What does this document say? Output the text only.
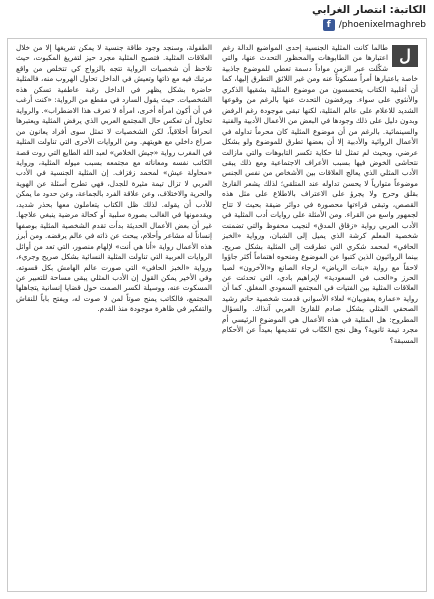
الكاتبة: انتصار الغرابي
f /phoenixelmaghreb
ل

طالما كانت المثلية الجنسية إحدى المواضيع الدالة رغم اعتبارها من الطابوهات والمحظور التحدث عنها، والتي شكّلت عبر الزمن مواداً دسمة تعطي للموضوع جاذبية خاصة باعتبارها أمراً مسكوتاً عنه ومن غير اللائق التطرق إليها، كما أن أغلبية الكتاب يتحسسون من موضوع المثلية بشقيها الذكري والأنثوي على سواء. ويرفضون التحدث عنها بالرغم من وقوعها الشديد للاعلام على عالم المثلية، لكنها تبقى موجودة رغم الرفض وبدون دليل على ذلك وجودها في البعض من الأعمال الأدبية والفنية والسينمائية. بالرغم من أن موضوع المثلية كان محرماً تداوله في الأعمال الروائية والأدبية إلا أن بعضها تطرق للموضوع ولو بشكل عرضي، وبحيث لم تمثل لنا حكاية تكسر التابوهات والتي مازالت نتحاشى الخوض فيها بسبب الأعراف الاجتماعية ومع ذلك يبقى الأدب المثلي الذي يعالج العلاقات بين الأشخاص من نفس الجنس موضوعاً متوارياً لا يحسن تداوله عند المتلقي؛ لذلك يشعر القارئ بقلق وحرج ولا يجرؤ على الاعتراف بالاطلاع على مثل هذه القصص، وتبقى قراءتها محصورة في دوائر ضيقة بحيث لا تتاح لجمهور واسع من القراء. ومن الأمثلة على روايات أدب المثلية في الأدب العربي رواية «زقاق المدق» لنجيب محفوظ والتي تضمنت شخصية المعلم كرشة الذي يميل إلى الشبان، ورواية «الخبز الحافي» لمحمد شكري التي تطرقت إلى المثلية بشكل صريح. بينما الروائيون الذين كتبوا عن الموضوع ومنحوه اهتماماً أكثر جاؤوا لاحقاً مع رواية «بنات الرياض» لرجاء الصانع و«الآخرون» لصبا الحرز و«الحب في السعودية» لإبراهيم بادي، التي تحدثت عن العلاقات المثلية بين الفتيات في المجتمع السعودي المغلق. كما أن رواية «عمارة يعقوبيان» لعلاء الأسواني قدمت شخصية حاتم رشيد الصحفي المثلي بشكل صادم للقارئ العربي آنذاك. والسؤال المطروح: هل المثلية في هذه الأعمال هي الموضوع الرئيسي أم مجرد تيمة ثانوية؟ وهل نجح الكتّاب في تقديمها بعيداً عن الأحكام المسبقة؟

الطفولة، وسنجد وجود طاقة جنسية لا يمكن تفريغها إلا من خلال العلاقات المثلية. فتصبح المثلية مجرد حيز لتفريغ المكبوت، حيث تلاحظ أن شخصيات الرواية تتجه بالزواج كي تتخلص من واقع مرتبك فيه مع ذاتها وتعيش في الداخل تحاول الهروب منه، فالمثلية حاضرة بشكل يظهر في الداخل رغبة عاطفية تسكن هذه الشخصيات. حيث يقول السارد في مقطع من الرواية: «كنت أرغب في أن أكون امرأة أخرى، امرأة لا تعرف هذا الاضطراب». والرواية تحاول أن تعكس حال المجتمع العربي الذي يرفض المثلية ويعتبرها انحرافاً أخلاقياً، لكن الشخصيات لا تمثل سوى أفراد يعانون من صراع داخلي مع هويتهم. ومن الروايات الأخرى التي تناولت المثلية في المغرب رواية «جيش الخلاص» لعبد الله الطايع التي روت قصة الكاتب نفسه ومعاناته مع مجتمعه بسبب ميوله المثلية، ورواية «محاولة عيش» لمحمد زفزاف. إن المثلية الجنسية في الأدب العربي لا تزال تيمة مثيرة للجدل، فهي تطرح أسئلة عن الهوية والحرية والاختلاف، وعن علاقة الفرد بالجماعة، وعن حدود ما يمكن للأدب أن يقوله. لذلك ظل الكتاب يتعاملون معها بحذر شديد، ويقدمونها في الغالب بصورة سلبية أو كحالة مرضية ينبغي علاجها. غير أن بعض الأعمال الحديثة بدأت تقدم الشخصية المثلية بوصفها إنساناً له مشاعر وأحلام، يبحث عن ذاته في عالم يرفضه. ومن أبرز هذه الأعمال رواية «أنا هي أنت» لإلهام منصور، التي تعد من أوائل الروايات العربية التي تناولت المثلية النسائية بشكل صريح وجريء، ورواية «الخبز الحافي» التي صورت عالم الهامش بكل قسوته. وفي الأخير يمكن القول إن الأدب المثلي يبقى مساحة للتعبير عن المسكوت عنه، ووسيلة لكسر الصمت حول قضايا إنسانية يتجاهلها المجتمع، فالكاتب يمنح صوتاً لمن لا صوت له، ويفتح باباً للنقاش والتفكير في ظاهرة موجودة منذ القدم.
